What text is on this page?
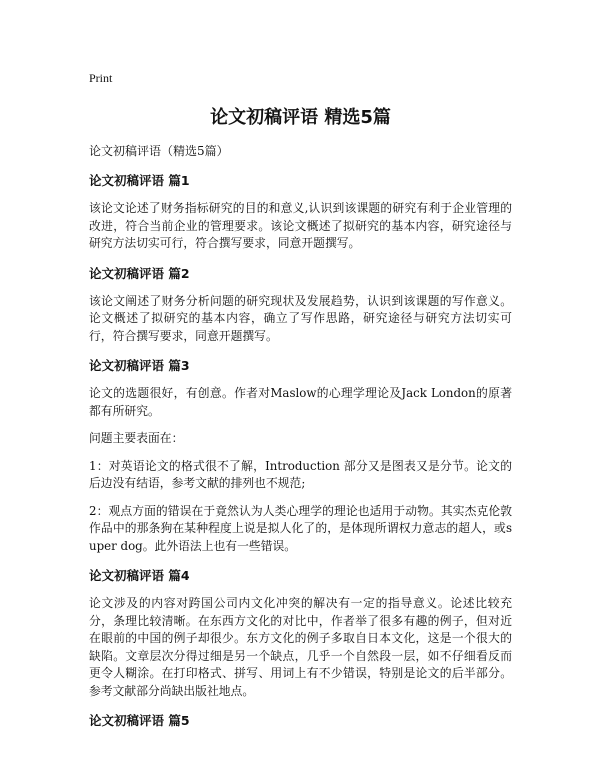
Print
论文初稿评语 精选5篇
论文初稿评语（精选5篇）
论文初稿评语 篇1

该论文论述了财务指标研究的目的和意义,认识到该课题的研究有利于企业管理的改进，符合当前企业的管理要求。该论文概述了拟研究的基本内容，研究途径与研究方法切实可行，符合撰写要求，同意开题撰写。

论文初稿评语 篇2

该论文阐述了财务分析问题的研究现状及发展趋势，认识到该课题的写作意义。论文概述了拟研究的基本内容，确立了写作思路，研究途径与研究方法切实可行，符合撰写要求，同意开题撰写。

论文初稿评语 篇3

论文的选题很好，有创意。作者对Maslow的心理学理论及Jack London的原著都有所研究。

问题主要表面在：

1：对英语论文的格式很不了解，Introduction 部分又是图表又是分节。论文的后边没有结语，参考文献的排列也不规范;

2：观点方面的错误在于竟然认为人类心理学的理论也适用于动物。其实杰克伦敦作品中的那条狗在某种程度上说是拟人化了的，是体现所谓权力意志的超人，或super dog。此外语法上也有一些错误。

论文初稿评语 篇4

论文涉及的内容对跨国公司内文化冲突的解决有一定的指导意义。论述比较充分，条理比较清晰。在东西方文化的对比中，作者举了很多有趣的例子，但对近在眼前的中国的例子却很少。东方文化的例子多取自日本文化，这是一个很大的缺陷。文章层次分得过细是另一个缺点，几乎一个自然段一层，如不仔细看反而更令人糊涂。在打印格式、拼写、用词上有不少错误，特别是论文的后半部分。参考文献部分尚缺出版社地点。

论文初稿评语 篇5
